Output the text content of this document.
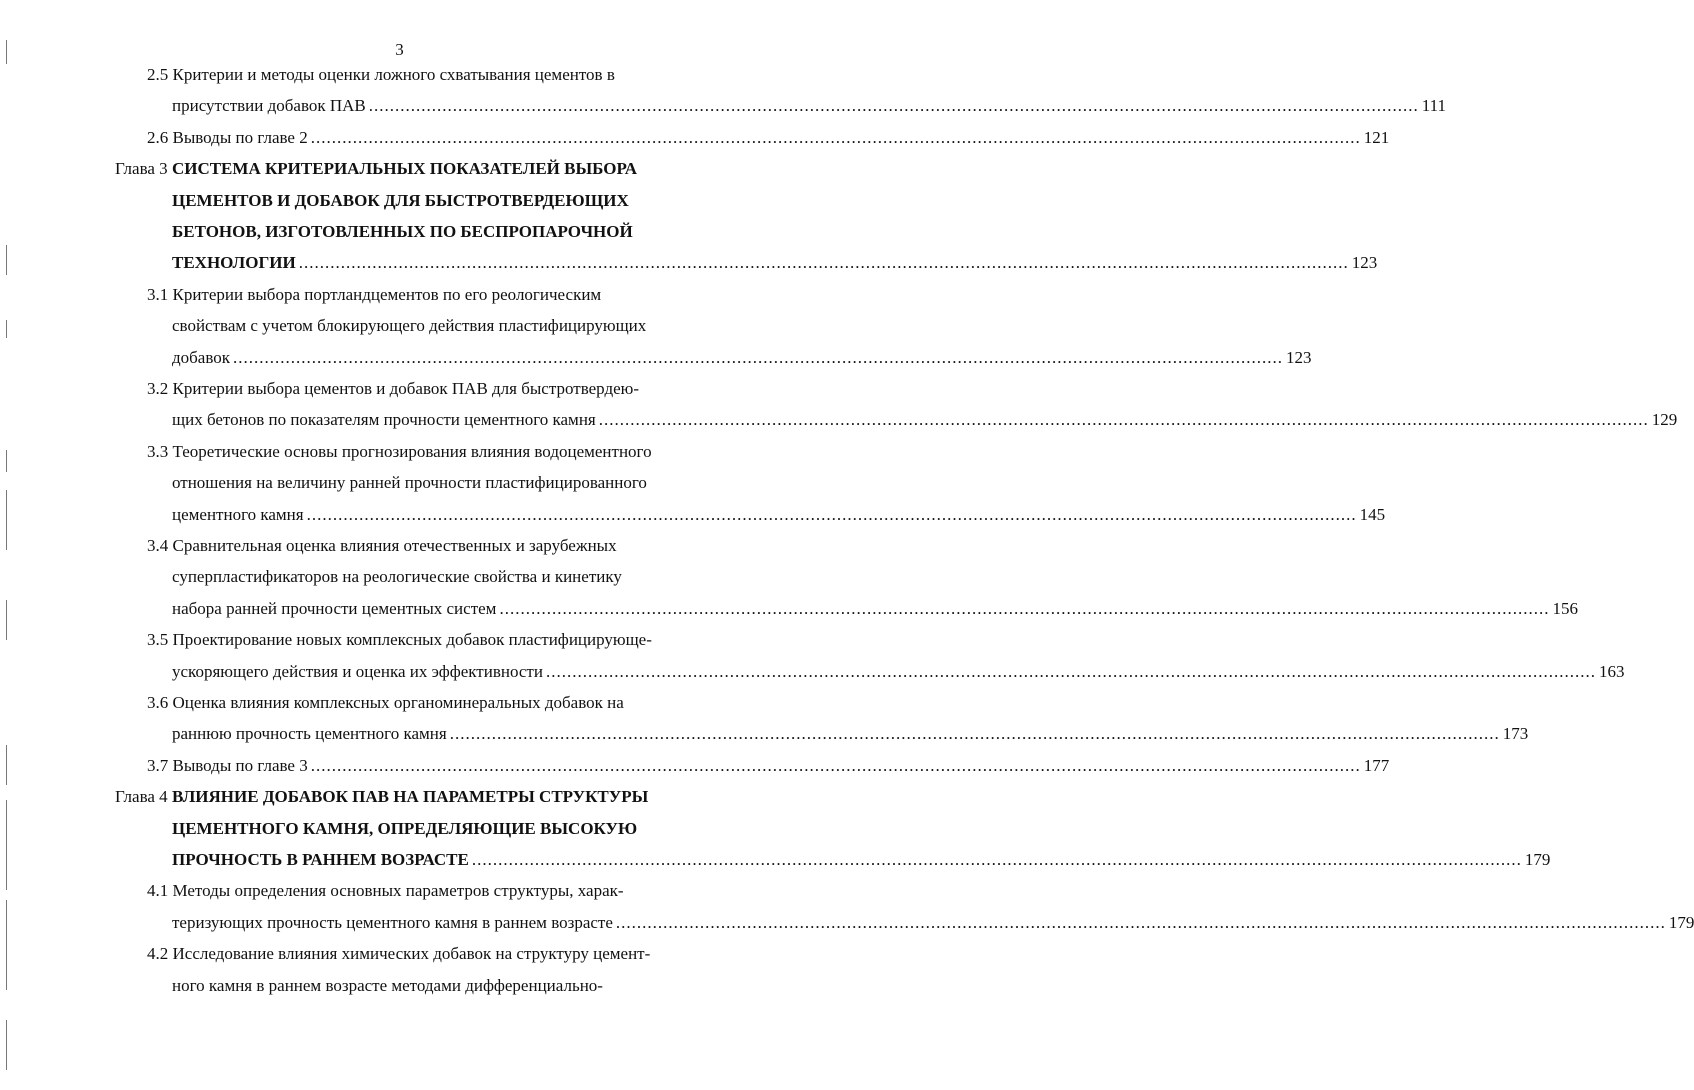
3
2.5 Критерии и методы оценки ложного схватывания цементов в
присутствии добавок ПАВ ........................................................................................................................................................................................................ 111
2.6 Выводы по главе 2 ........................................................................................................................................................................................................ 121
Глава 3 СИСТЕМА КРИТЕРИАЛЬНЫХ ПОКАЗАТЕЛЕЙ ВЫБОРА
ЦЕМЕНТОВ И ДОБАВОК ДЛЯ БЫСТРОТВЕРДЕЮЩИХ
БЕТОНОВ, ИЗГОТОВЛЕННЫХ ПО БЕСПРОПАРОЧНОЙ
ТЕХНОЛОГИИ ........................................................................................................................................................................................................ 123
3.1 Критерии выбора портландцементов по его реологическим
свойствам с учетом блокирующего действия пластифицирующих
добавок ........................................................................................................................................................................................................ 123
3.2 Критерии выбора цементов и добавок ПАВ для быстротвердею-
щих бетонов по показателям прочности цементного камня ........................................................................................................................................................................................................ 129
3.3 Теоретические основы прогнозирования влияния водоцементного
отношения на величину ранней прочности пластифицированного
цементного камня ........................................................................................................................................................................................................ 145
3.4 Сравнительная оценка влияния отечественных и зарубежных
суперпластификаторов на реологические свойства и кинетику
набора ранней прочности цементных систем ........................................................................................................................................................................................................ 156
3.5 Проектирование новых комплексных добавок пластифицирующе-
ускоряющего действия и оценка их эффективности ........................................................................................................................................................................................................ 163
3.6 Оценка влияния комплексных органоминеральных добавок на
раннюю прочность цементного камня ........................................................................................................................................................................................................ 173
3.7 Выводы по главе 3 ........................................................................................................................................................................................................ 177
Глава 4 ВЛИЯНИЕ ДОБАВОК ПАВ НА ПАРАМЕТРЫ СТРУКТУРЫ
ЦЕМЕНТНОГО КАМНЯ, ОПРЕДЕЛЯЮЩИЕ ВЫСОКУЮ
ПРОЧНОСТЬ В РАННЕМ ВОЗРАСТЕ ........................................................................................................................................................................................................ 179
4.1 Методы определения основных параметров структуры, харак-
теризующих прочность цементного камня в раннем возрасте ........................................................................................................................................................................................................ 179
4.2 Исследование влияния химических добавок на структуру цемент-
ного камня в раннем возрасте методами дифференциально-
